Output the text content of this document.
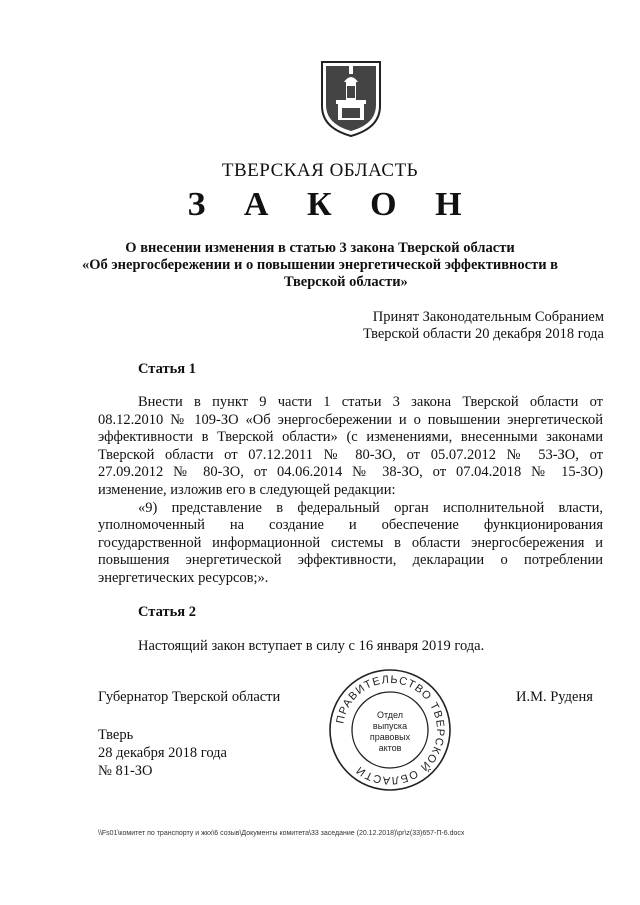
ТВЕРСКАЯ ОБЛАСТЬ
З А К О Н
О внесении изменения в статью 3 закона Тверской области
«Об энергосбережении и о повышении энергетической эффективности в
Тверской области»
Принят Законодательным Собранием
Тверской области 20 декабря 2018 года
Статья 1
Внести в пункт 9 части 1 статьи 3 закона Тверской области от
08.12.2010 № 109-ЗО «Об энергосбережении и о повышении энергетической
эффективности в Тверской области» (с изменениями, внесенными законами
Тверской области от 07.12.2011 № 80-ЗО, от 05.07.2012 № 53-ЗО, от
27.09.2012 № 80-ЗО, от 04.06.2014 № 38-ЗО, от 07.04.2018 № 15-ЗО)
изменение, изложив его в следующей редакции:
«9) представление в федеральный орган исполнительной власти,
уполномоченный на создание и обеспечение функционирования
государственной информационной системы в области энергосбережения и
повышения энергетической эффективности, декларации о потреблении
энергетических ресурсов;».
Статья 2
Настоящий закон вступает в силу с 16 января 2019 года.
Губернатор Тверской области	И.М. Руденя
Тверь
28 декабря 2018 года
№ 81-ЗО
ПРАВИТЕЛЬСТВО ТВЕРСКОЙ ОБЛАСТИ
Отдел
выпуска
правовых
актов
\\Fs01\комитет по транспорту и жкх\6 созыв\Документы комитета\33 заседание (20.12.2018)\pr\z(33)657-П-6.docx
